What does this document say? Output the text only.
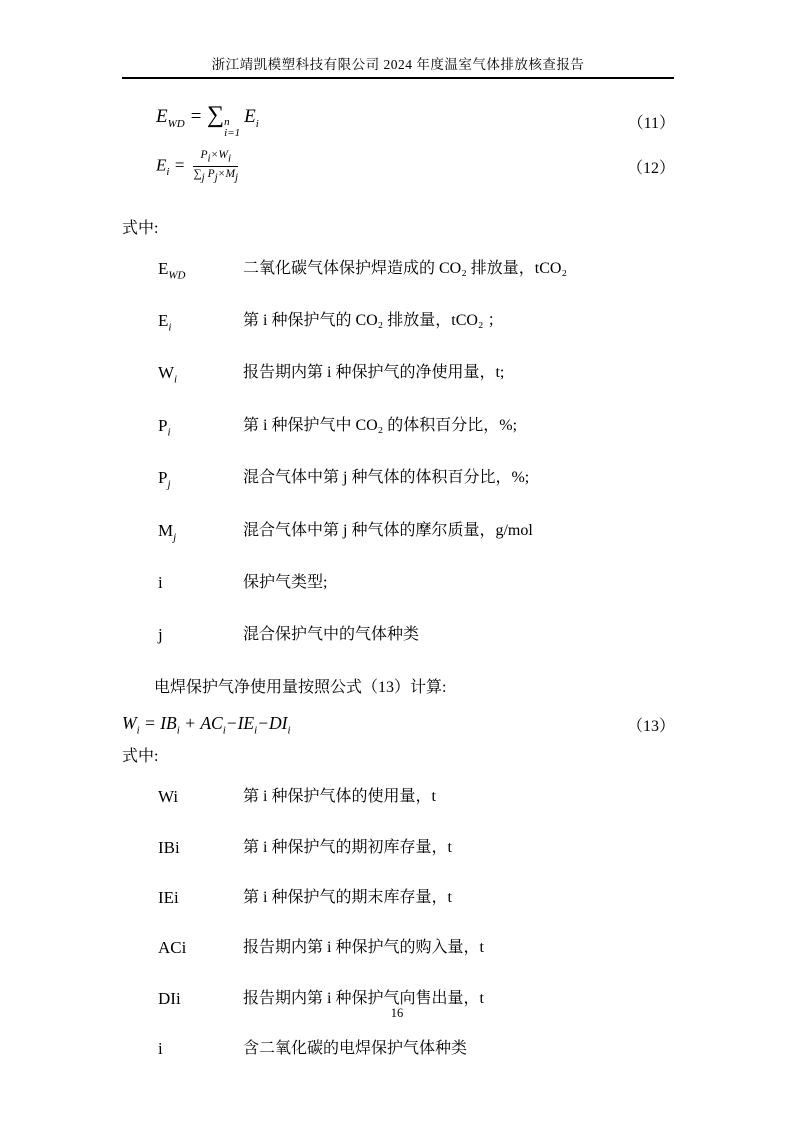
浙江靖凯模塑科技有限公司 2024 年度温室气体排放核查报告
$E_{WD}$ = ∑ n
i=1
$E_i$	（11）
$E_i = \frac{P_i\times W_i}{\sum_j P_j\times M_j}$	（12）
式中:
$E_{WD}$	二氧化碳气体保护焊造成的 CO₂ 排放量，tCO₂
$E_i$	第 i 种保护气的 CO₂ 排放量，tCO₂ ；
$W_i$	报告期内第 i 种保护气的净使用量，t;
$P_i$	第 i 种保护气中 CO₂ 的体积百分比，%;
$P_j$	混合气体中第 j 种气体的体积百分比，%;
$M_j$	混合气体中第 j 种气体的摩尔质量，g/mol
i	保护气类型;
j	混合保护气中的气体种类
电焊保护气净使用量按照公式（13）计算:
$W_i = IB_i + AC_i-IE_i-DI_i$	（13）
式中:
Wi	第 i 种保护气体的使用量，t
IBi	第 i 种保护气的期初库存量，t
IEi	第 i 种保护气的期末库存量，t
ACi	报告期内第 i 种保护气的购入量，t
DIi	报告期内第 i 种保护气向售出量，t
i	含二氧化碳的电焊保护气体种类
16
